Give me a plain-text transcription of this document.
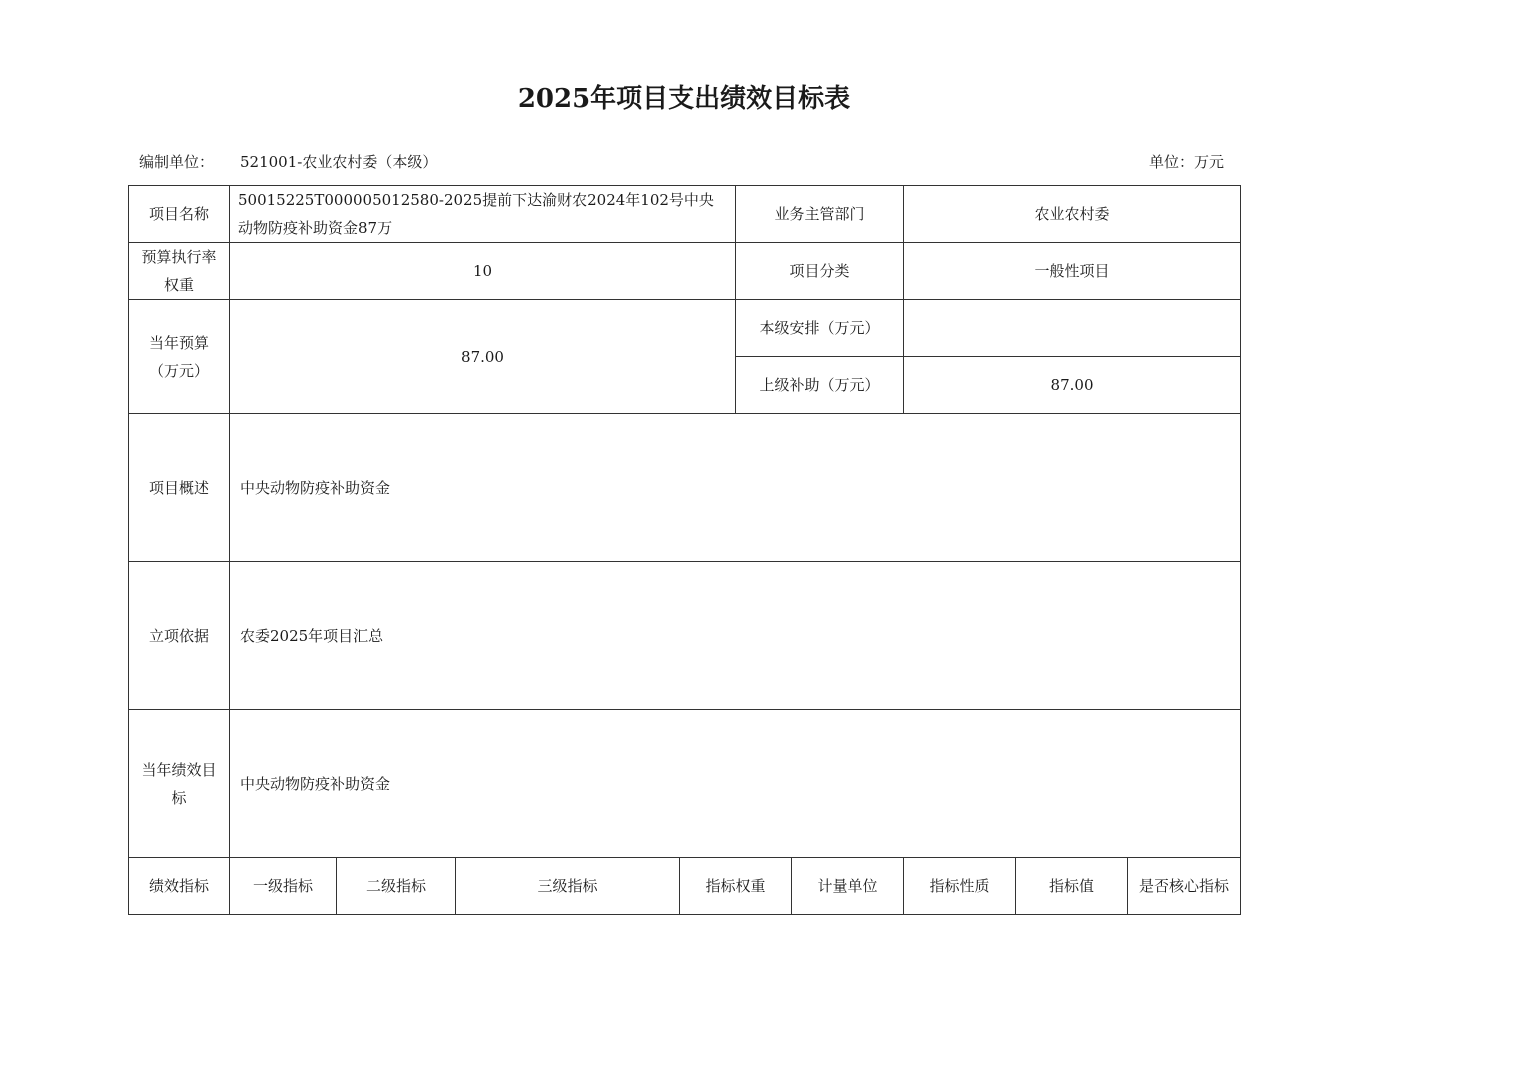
2025年项目支出绩效目标表
编制单位： 521001-农业农村委（本级）	单位：万元
项目名称	50015225T000005012580-2025提前下达渝财农2024年102号中央动物防疫补助资金87万				业务主管部门		农业农村委		
预算执行率权重	10				项目分类		一般性项目		
当年预算（万元）	87.00				本级安排（万元）				
					上级补助（万元）		87.00		
项目概述	中央动物防疫补助资金								
立项依据	农委2025年项目汇总								
当年绩效目标	中央动物防疫补助资金								
绩效指标	一级指标	二级指标	三级指标	指标权重		计量单位	指标性质	指标值	是否核心指标
